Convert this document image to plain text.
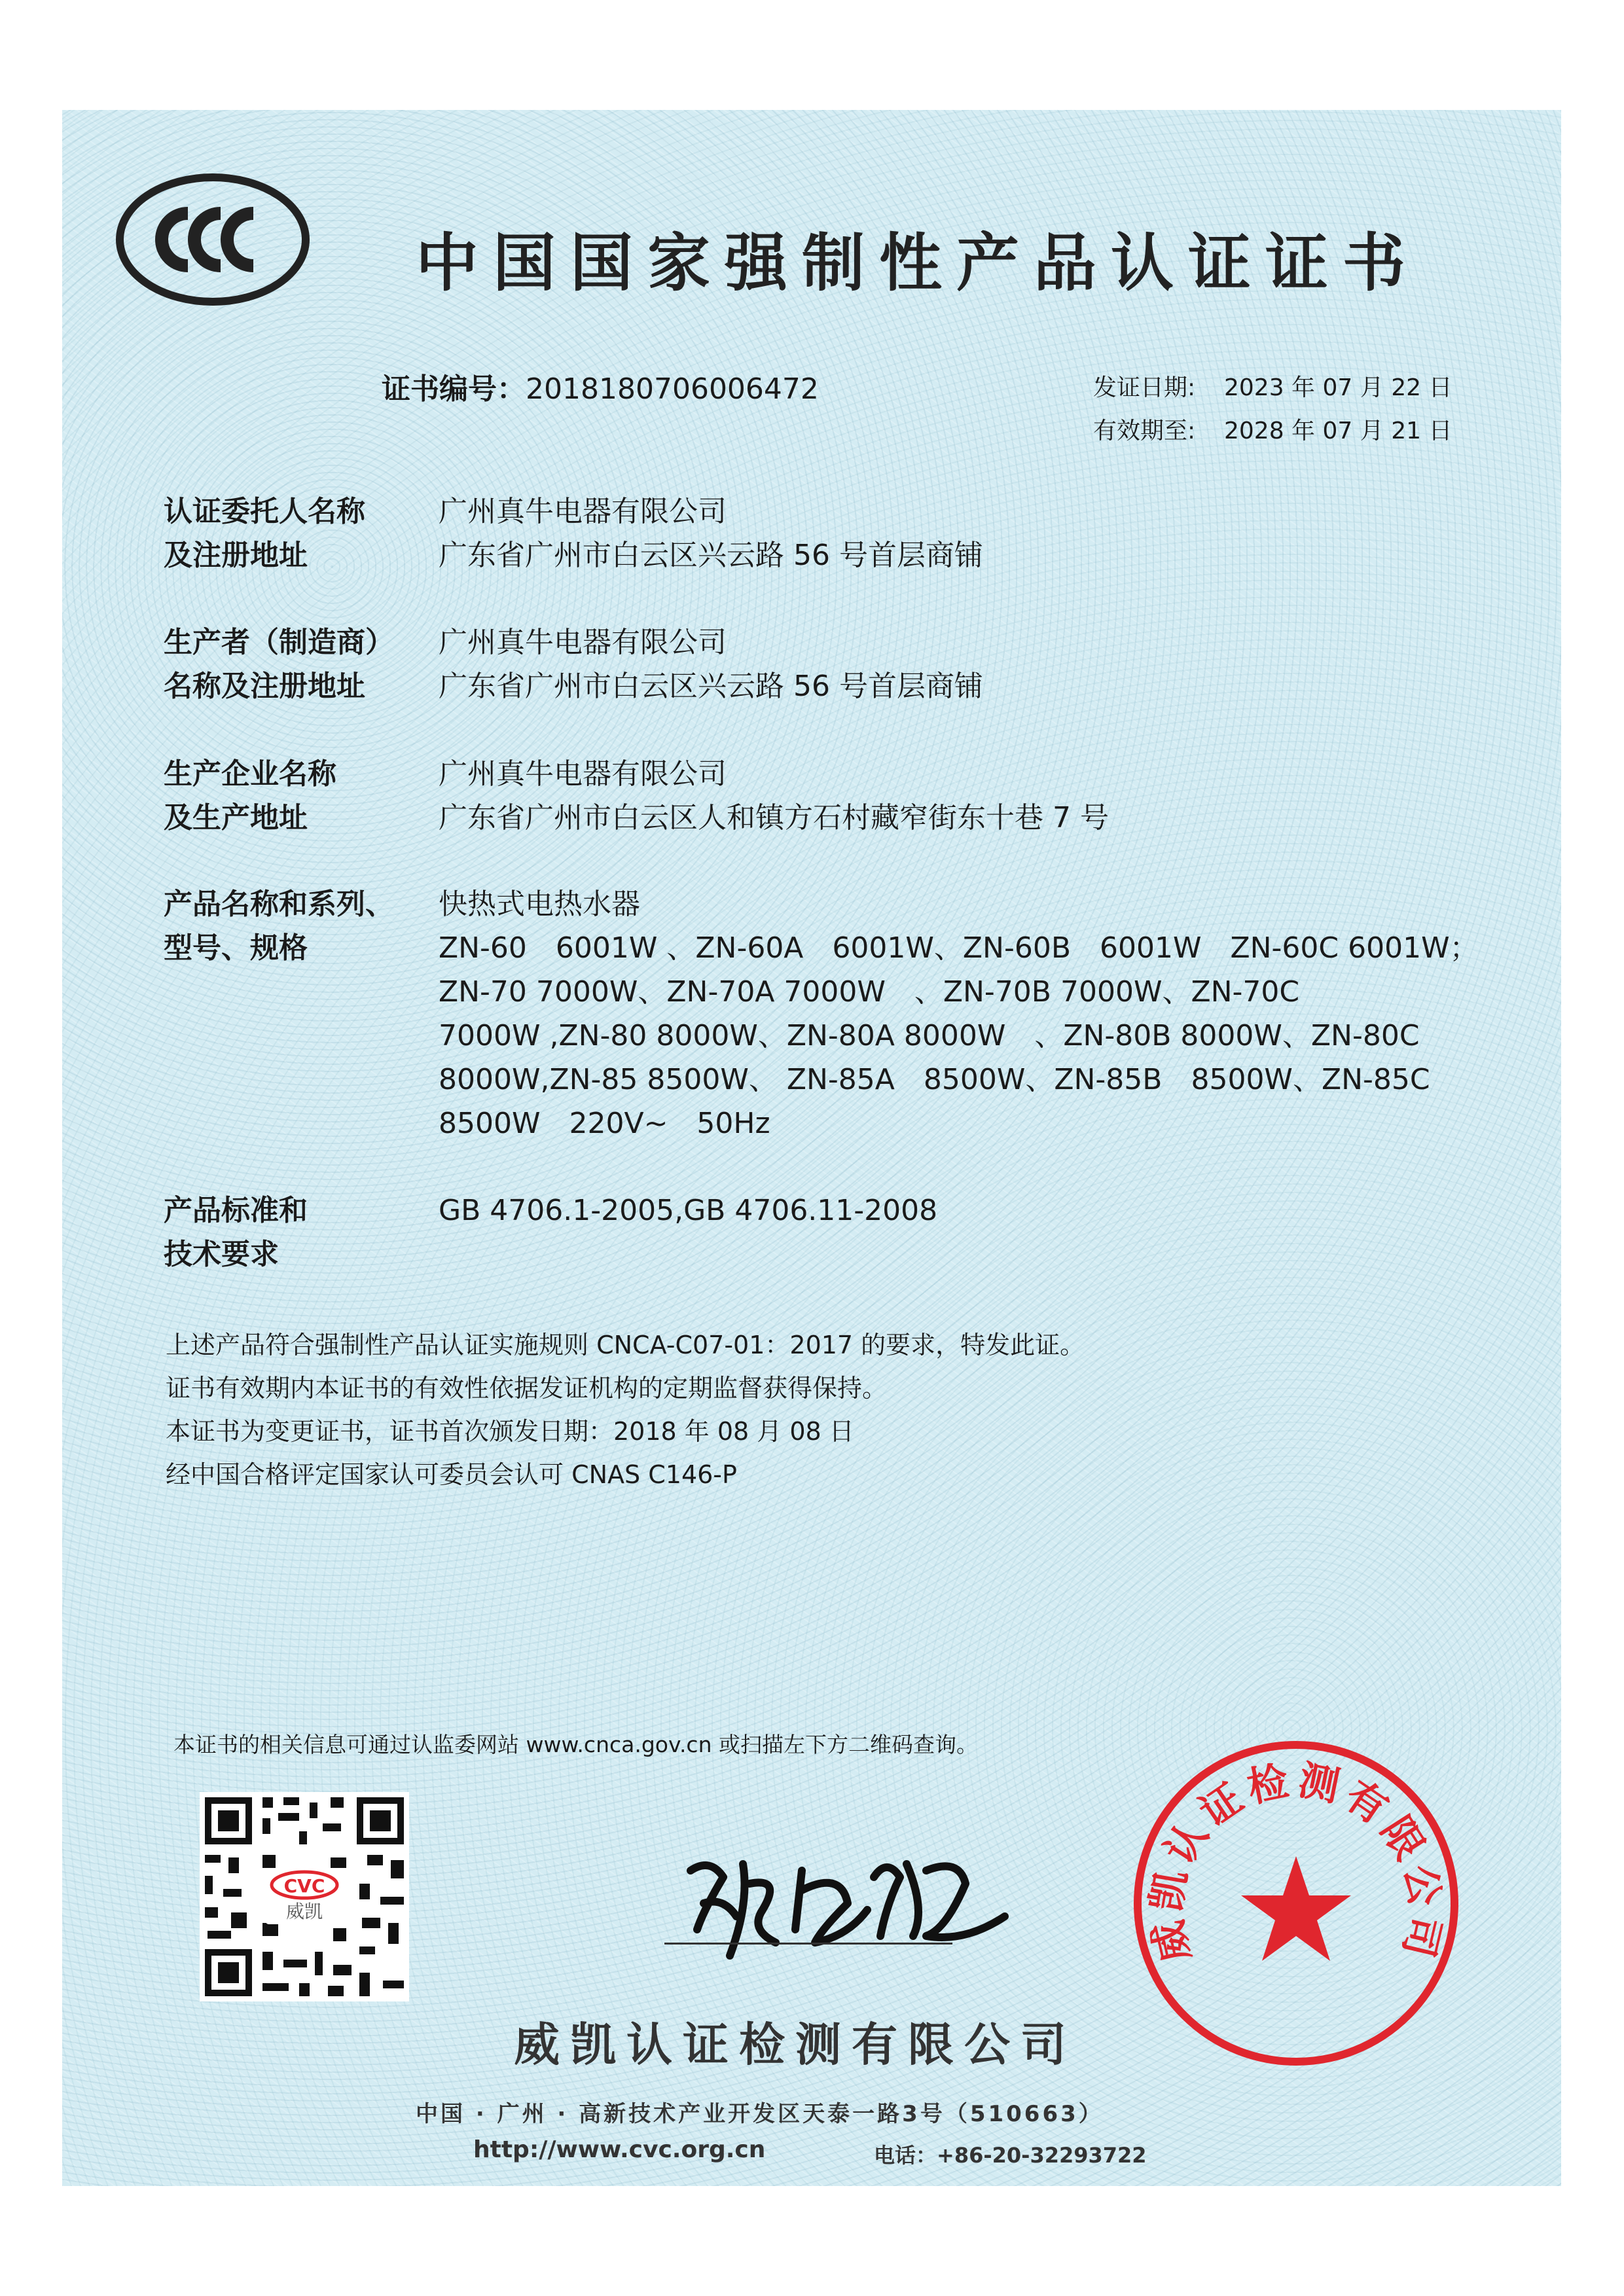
中国国家强制性产品认证证书
证书编号：2018180706006472	发证日期: 2023 年 07 月 22 日
有效期至: 2028 年 07 月 21 日
认证委托人名称
及注册地址
广州真牛电器有限公司
广东省广州市白云区兴云路 56 号首层商铺
生产者（制造商）
名称及注册地址
广州真牛电器有限公司
广东省广州市白云区兴云路 56 号首层商铺
生产企业名称
及生产地址
广州真牛电器有限公司
广东省广州市白云区人和镇方石村藏窄街东十巷 7 号
产品名称和系列、
型号、规格
快热式电热水器
ZN-60　6001W 、ZN-60A　6001W、ZN-60B　6001W　ZN-60C 6001W；
ZN-70 7000W、ZN-70A 7000W　、ZN-70B 7000W、ZN-70C
7000W ,ZN-80 8000W、ZN-80A 8000W　、ZN-80B 8000W、ZN-80C
8000W,ZN-85 8500W、 ZN-85A　8500W、ZN-85B　8500W、ZN-85C
8500W　220V~　50Hz
产品标准和
技术要求
GB 4706.1-2005,GB 4706.11-2008
上述产品符合强制性产品认证实施规则 CNCA-C07-01：2017 的要求，特发此证。
证书有效期内本证书的有效性依据发证机构的定期监督获得保持。
本证书为变更证书，证书首次颁发日期：2018 年 08 月 08 日
经中国合格评定国家认可委员会认可 CNAS C146-P
本证书的相关信息可通过认监委网站 www.cnca.gov.cn 或扫描左下方二维码查询。
CVC
威凯
威凯认证检测有限公司
中国 · 广州 · 高新技术产业开发区天泰一路3号（510663）
http://www.cvc.org.cn	电话：+86-20-32293722
威凯认证检测有限公司
